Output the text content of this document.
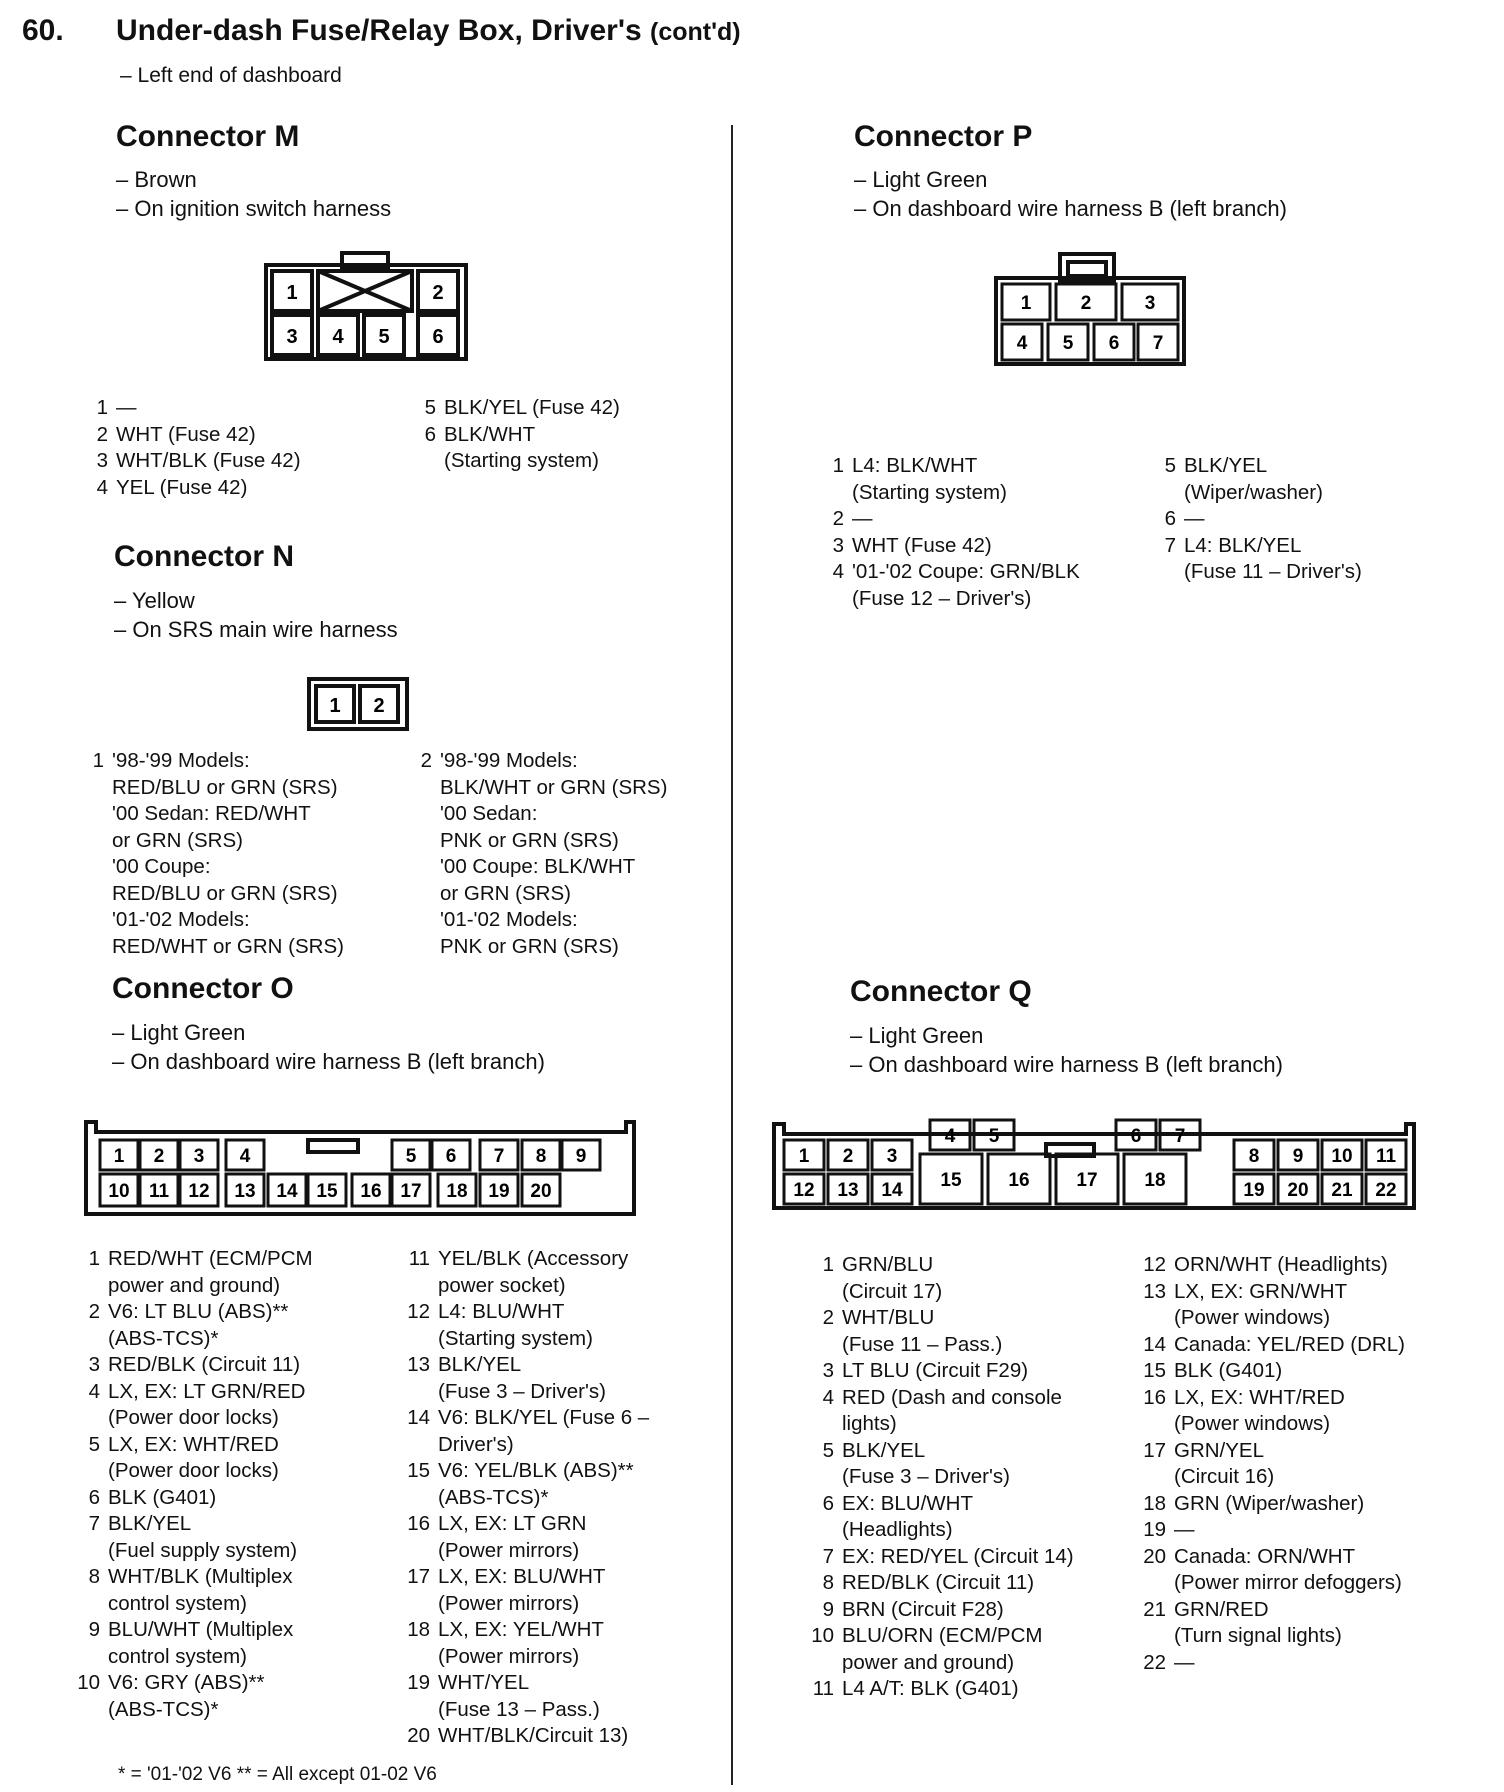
60. Under-dash Fuse/Relay Box, Driver's (cont'd)
– Left end of dashboard
Connector M
– Brown
– On ignition switch harness
1	2
3 4 5 6
1 —
2 WHT (Fuse 42)
3 WHT/BLK (Fuse 42)
4 YEL (Fuse 42)
5 BLK/YEL (Fuse 42)
6 BLK/WHT
(Starting system)
Connector N
– Yellow
– On SRS main wire harness
1 2
1 '98-'99 Models:
RED/BLU or GRN (SRS)
'00 Sedan: RED/WHT
or GRN (SRS)
'00 Coupe:
RED/BLU or GRN (SRS)
'01-'02 Models:
RED/WHT or GRN (SRS)
2 '98-'99 Models:
BLK/WHT or GRN (SRS)
'00 Sedan:
PNK or GRN (SRS)
'00 Coupe: BLK/WHT
or GRN (SRS)
'01-'02 Models:
PNK or GRN (SRS)
Connector O
– Light Green
– On dashboard wire harness B (left branch)
1 2 3 4	5 6 7 8 9
10 11 12 13 14 15 16 17 18 19 20
1 RED/WHT (ECM/PCM
power and ground)
2 V6: LT BLU (ABS)**
(ABS-TCS)*
3 RED/BLK (Circuit 11)
4 LX, EX: LT GRN/RED
(Power door locks)
5 LX, EX: WHT/RED
(Power door locks)
6 BLK (G401)
7 BLK/YEL
(Fuel supply system)
8 WHT/BLK (Multiplex
control system)
9 BLU/WHT (Multiplex
control system)
10 V6: GRY (ABS)**
(ABS-TCS)*
11 YEL/BLK (Accessory
power socket)
12 L4: BLU/WHT
(Starting system)
13 BLK/YEL
(Fuse 3 – Driver's)
14 V6: BLK/YEL (Fuse 6 –
Driver's)
15 V6: YEL/BLK (ABS)**
(ABS-TCS)*
16 LX, EX: LT GRN
(Power mirrors)
17 LX, EX: BLU/WHT
(Power mirrors)
18 LX, EX: YEL/WHT
(Power mirrors)
19 WHT/YEL
(Fuse 13 – Pass.)
20 WHT/BLK/Circuit 13)
* = '01-'02 V6 ** = All except 01-02 V6
Connector P
– Light Green
– On dashboard wire harness B (left branch)
1	2	3
4 5 6 7
1 L4: BLK/WHT
(Starting system)
2 —
3 WHT (Fuse 42)
4 '01-'02 Coupe: GRN/BLK
(Fuse 12 – Driver's)
5 BLK/YEL
(Wiper/washer)
6 —
7 L4: BLK/YEL
(Fuse 11 – Driver's)
Connector Q
– Light Green
– On dashboard wire harness B (left branch)
1 2 3
4 5	6 7
8 9 10 11
12 13 14 15 16 17 18	19 20 21 22
1 GRN/BLU
(Circuit 17)
2 WHT/BLU
(Fuse 11 – Pass.)
3 LT BLU (Circuit F29)
4 RED (Dash and console
lights)
5 BLK/YEL
(Fuse 3 – Driver's)
6 EX: BLU/WHT
(Headlights)
7 EX: RED/YEL (Circuit 14)
8 RED/BLK (Circuit 11)
9 BRN (Circuit F28)
10 BLU/ORN (ECM/PCM
power and ground)
11 L4 A/T: BLK (G401)
12 ORN/WHT (Headlights)
13 LX, EX: GRN/WHT
(Power windows)
14 Canada: YEL/RED (DRL)
15 BLK (G401)
16 LX, EX: WHT/RED
(Power windows)
17 GRN/YEL
(Circuit 16)
18 GRN (Wiper/washer)
19 —
20 Canada: ORN/WHT
(Power mirror defoggers)
21 GRN/RED
(Turn signal lights)
22 —
